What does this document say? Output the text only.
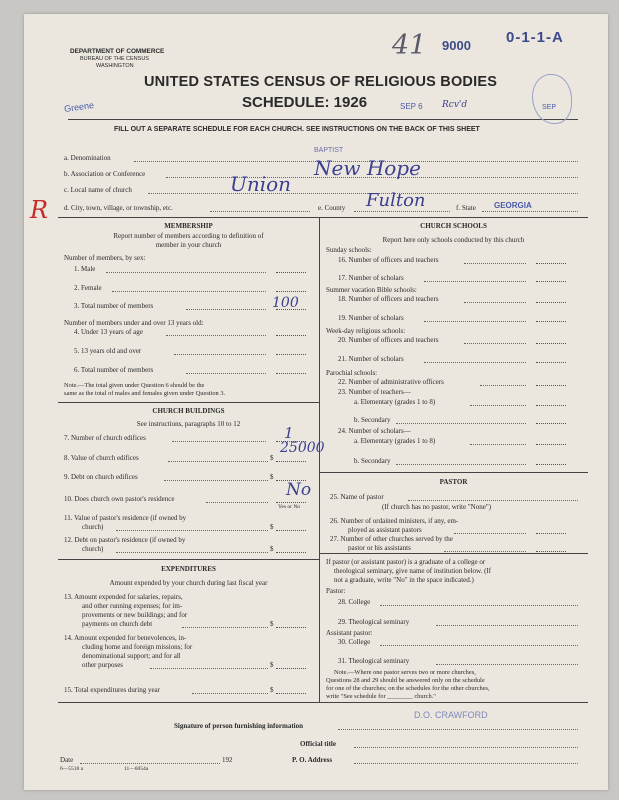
DEPARTMENT OF COMMERCE
BUREAU OF THE CENSUS
WASHINGTON
UNITED STATES CENSUS OF RELIGIOUS BODIES
SCHEDULE: 1926
FILL OUT A SEPARATE SCHEDULE FOR EACH CHURCH. SEE INSTRUCTIONS ON THE BACK OF THIS SHEET
41 9000 0-1-1-A
Greene	SEP 6 Rcv'd	SEP
R
a. Denomination
BAPTIST
b. Association or Conference	New Hope
c. Local name of church	Union
d. City, town, village, or township, etc.	e. County Fulton	f. State GEORGIA
MEMBERSHIP
Report number of members according to definition of
member in your church
Number of members, by sex:
1. Male
2. Female
3. Total number of members	100
Number of members under and over 13 years old:
4. Under 13 years of age
5. 13 years old and over
6. Total number of members
Note.—The total given under Question 6 should be the
same as the total of males and females given under Question 3.
CHURCH BUILDINGS
See instructions, paragraphs 10 to 12
7. Number of church edifices	1
8. Value of church edifices	$
25000
9. Debt on church edifices	$
10. Does church own pastor's residence	No
Yes or No
11. Value of pastor's residence (if owned by
church)	$
12. Debt on pastor's residence (if owned by
church)	$
EXPENDITURES
Amount expended by your church during last fiscal year
13. Amount expended for salaries, repairs,
and other running expenses; for im-
provements or new buildings; and for
payments on church debt	$
14. Amount expended for benevolences, in-
cluding home and foreign missions; for
denominational support; and for all
other purposes	$
15. Total expenditures during year	$
CHURCH SCHOOLS
Report here only schools conducted by this church
Sunday schools:
16. Number of officers and teachers
17. Number of scholars
Summer vacation Bible schools:
18. Number of officers and teachers
19. Number of scholars
Week-day religious schools:
20. Number of officers and teachers
21. Number of scholars
Parochial schools:
22. Number of administrative officers
23. Number of teachers—
a. Elementary (grades 1 to 8)
b. Secondary
24. Number of scholars—
a. Elementary (grades 1 to 8)
b. Secondary
PASTOR
25. Name of pastor
(If church has no pastor, write "None")
26. Number of ordained ministers, if any, em-
ployed as assistant pastors
27. Number of other churches served by the
pastor or his assistants
If pastor (or assistant pastor) is a graduate of a college or
theological seminary, give name of institution below. (If
not a graduate, write "No" in the space indicated.)
Pastor:
28. College
29. Theological seminary
Assistant pastor:
30. College
31. Theological seminary
Note.—Where one pastor serves two or more churches,
Questions 28 and 29 should be answered only on the schedule
for one of the churches; on the schedules for the other churches,
write "See schedule for ________ church."
Signature of person furnishing information
D.O. CRAWFORD
Official title
Date	192	P. O. Address
6—5518 a	11—6054a
